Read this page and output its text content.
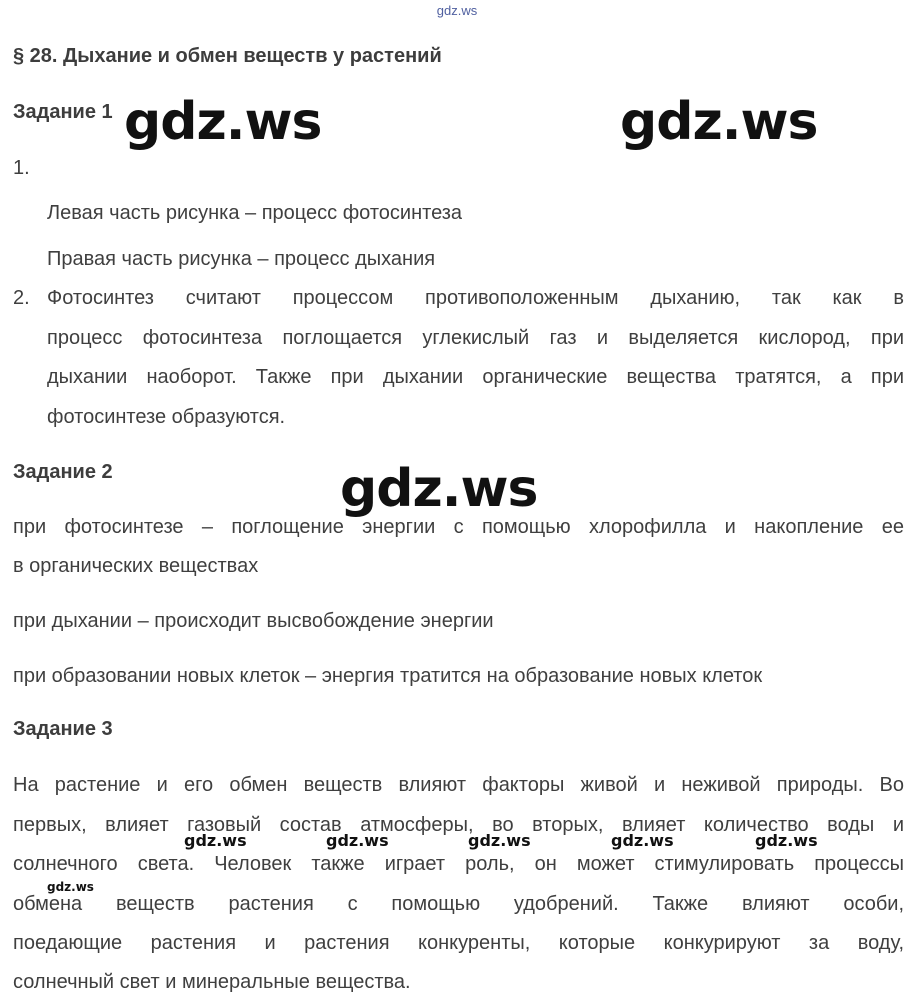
gdz.ws
§ 28. Дыхание и обмен веществ у растений
Задание 1
1.
Левая часть рисунка – процесс фотосинтеза
Правая часть рисунка – процесс дыхания
2. Фотосинтез считают процессом противоположенным дыханию, так как в
процесс фотосинтеза поглощается углекислый газ и выделяется кислород, при
дыхании наоборот. Также при дыхании органические вещества тратятся, а при
фотосинтезе образуются.
Задание 2
при фотосинтезе – поглощение энергии с помощью хлорофилла и накопление ее
в органических веществах
при дыхании – происходит высвобождение энергии
при образовании новых клеток – энергия тратится на образование новых клеток
Задание 3
На растение и его обмен веществ влияют факторы живой и неживой природы. Во
первых, влияет газовый состав атмосферы, во вторых, влияет количество воды и
солнечного света. Человек также играет роль, он может стимулировать процессы
обмена веществ растения с помощью удобрений. Также влияют особи,
поедающие растения и растения конкуренты, которые конкурируют за воду,
солнечный свет и минеральные вещества.
gdz.ws	gdz.ws
gdz.ws
gdz.ws	gdz.ws	gdz.ws	gdz.ws	gdz.ws
gdz.ws
